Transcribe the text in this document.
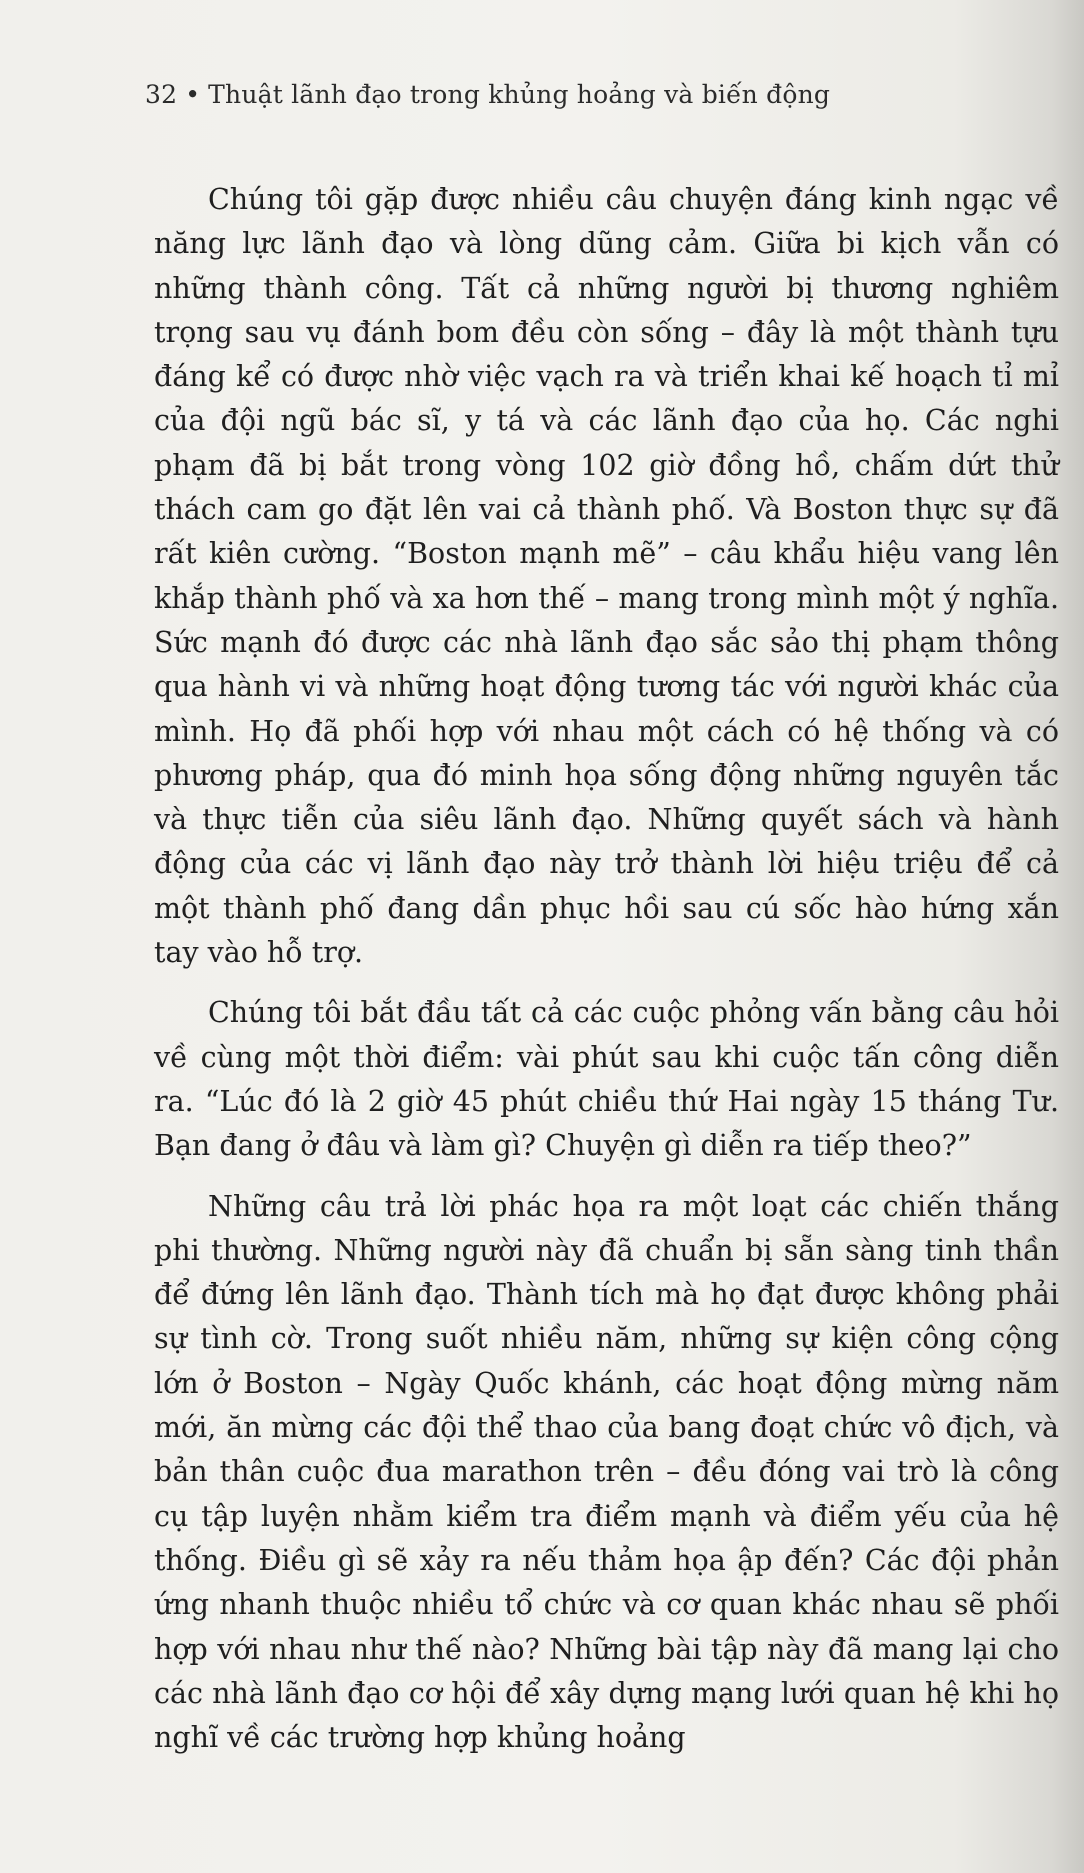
32 • Thuật lãnh đạo trong khủng hoảng và biến động

Chúng tôi gặp được nhiều câu chuyện đáng kinh ngạc về năng lực lãnh đạo và lòng dũng cảm. Giữa bi kịch vẫn có những thành công. Tất cả những người bị thương nghiêm trọng sau vụ đánh bom đều còn sống – đây là một thành tựu đáng kể có được nhờ việc vạch ra và triển khai kế hoạch tỉ mỉ của đội ngũ bác sĩ, y tá và các lãnh đạo của họ. Các nghi phạm đã bị bắt trong vòng 102 giờ đồng hồ, chấm dứt thử thách cam go đặt lên vai cả thành phố. Và Boston thực sự đã rất kiên cường. “Boston mạnh mẽ” – câu khẩu hiệu vang lên khắp thành phố và xa hơn thế – mang trong mình một ý nghĩa. Sức mạnh đó được các nhà lãnh đạo sắc sảo thị phạm thông qua hành vi và những hoạt động tương tác với người khác của mình. Họ đã phối hợp với nhau một cách có hệ thống và có phương pháp, qua đó minh họa sống động những nguyên tắc và thực tiễn của siêu lãnh đạo. Những quyết sách và hành động của các vị lãnh đạo này trở thành lời hiệu triệu để cả một thành phố đang dần phục hồi sau cú sốc hào hứng xắn tay vào hỗ trợ.

Chúng tôi bắt đầu tất cả các cuộc phỏng vấn bằng câu hỏi về cùng một thời điểm: vài phút sau khi cuộc tấn công diễn ra. “Lúc đó là 2 giờ 45 phút chiều thứ Hai ngày 15 tháng Tư. Bạn đang ở đâu và làm gì? Chuyện gì diễn ra tiếp theo?”

Những câu trả lời phác họa ra một loạt các chiến thắng phi thường. Những người này đã chuẩn bị sẵn sàng tinh thần để đứng lên lãnh đạo. Thành tích mà họ đạt được không phải sự tình cờ. Trong suốt nhiều năm, những sự kiện công cộng lớn ở Boston – Ngày Quốc khánh, các hoạt động mừng năm mới, ăn mừng các đội thể thao của bang đoạt chức vô địch, và bản thân cuộc đua marathon trên – đều đóng vai trò là công cụ tập luyện nhằm kiểm tra điểm mạnh và điểm yếu của hệ thống. Điều gì sẽ xảy ra nếu thảm họa ập đến? Các đội phản ứng nhanh thuộc nhiều tổ chức và cơ quan khác nhau sẽ phối hợp với nhau như thế nào? Những bài tập này đã mang lại cho các nhà lãnh đạo cơ hội để xây dựng mạng lưới quan hệ khi họ nghĩ về các trường hợp khủng hoảng
